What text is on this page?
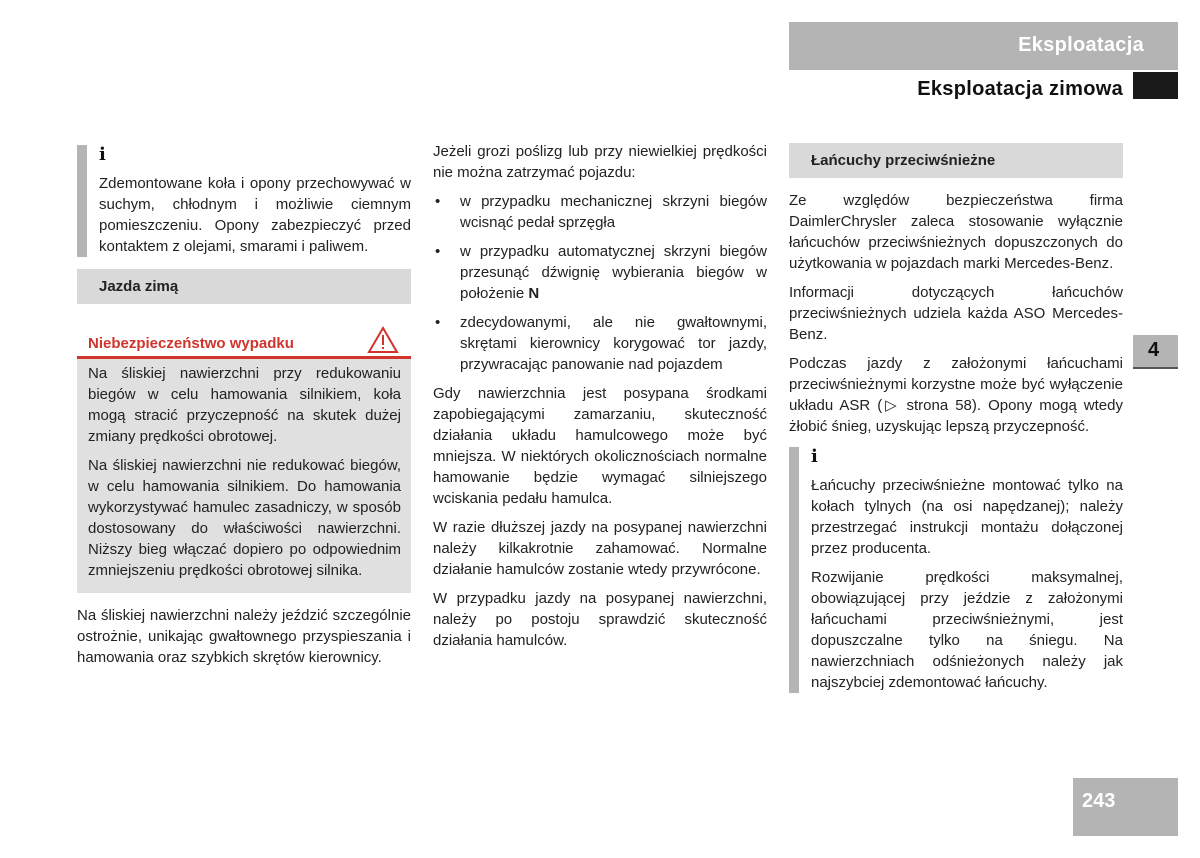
Eksploatacja
Eksploatacja zimowa
4
243
i

Zdemontowane koła i opony przechowywać w suchym, chłodnym i możliwie ciemnym pomieszczeniu. Opony zabezpieczyć przed kontaktem z olejami, smarami i paliwem.

Jazda zimą
Niebezpieczeństwo wypadku

Na śliskiej nawierzchni przy redukowaniu biegów w celu hamowania silnikiem, koła mogą stracić przyczepność na skutek dużej zmiany prędkości obrotowej.

Na śliskiej nawierzchni nie redukować biegów, w celu hamowania silnikiem. Do hamowania wykorzystywać hamulec zasadniczy, w sposób dostosowany do właściwości nawierzchni. Niższy bieg włączać dopiero po odpowiednim zmniejszeniu prędkości obrotowej silnika.

Na śliskiej nawierzchni należy jeździć szczególnie ostrożnie, unikając gwałtownego przyspieszania i hamowania oraz szybkich skrętów kierownicy.

Jeżeli grozi poślizg lub przy niewielkiej prędkości nie można zatrzymać pojazdu:

• w przypadku mechanicznej skrzyni biegów wcisnąć pedał sprzęgła
• w przypadku automatycznej skrzyni biegów przesunąć dźwignię wybierania biegów w położenie N
• zdecydowanymi, ale nie gwałtownymi, skrętami kierownicy korygować tor jazdy, przywracając panowanie nad pojazdem

Gdy nawierzchnia jest posypana środkami zapobiegającymi zamarzaniu, skuteczność działania układu hamulcowego może być mniejsza. W niektórych okolicznościach normalne hamowanie będzie wymagać silniejszego wciskania pedału hamulca.

W razie dłuższej jazdy na posypanej nawierzchni należy kilkakrotnie zahamować. Normalne działanie hamulców zostanie wtedy przywrócone.

W przypadku jazdy na posypanej nawierzchni, należy po postoju sprawdzić skuteczność działania hamulców.

Łańcuchy przeciwśnieżne

Ze względów bezpieczeństwa firma DaimlerChrysler zaleca stosowanie wyłącznie łańcuchów przeciwśnieżnych dopuszczonych do użytkowania w pojazdach marki Mercedes-Benz.

Informacji dotyczących łańcuchów przeciwśnieżnych udziela każda ASO Mercedes-Benz.

Podczas jazdy z założonymi łańcuchami przeciwśnieżnymi korzystne może być wyłączenie układu ASR (▷ strona 58). Opony mogą wtedy żłobić śnieg, uzyskując lepszą przyczepność.

i

Łańcuchy przeciwśnieżne montować tylko na kołach tylnych (na osi napędzanej); należy przestrzegać instrukcji montażu dołączonej przez producenta.

Rozwijanie prędkości maksymalnej, obowiązującej przy jeździe z założonymi łańcuchami przeciwśnieżnymi, jest dopuszczalne tylko na śniegu. Na nawierzchniach odśnieżonych należy jak najszybciej zdemontować łańcuchy.
